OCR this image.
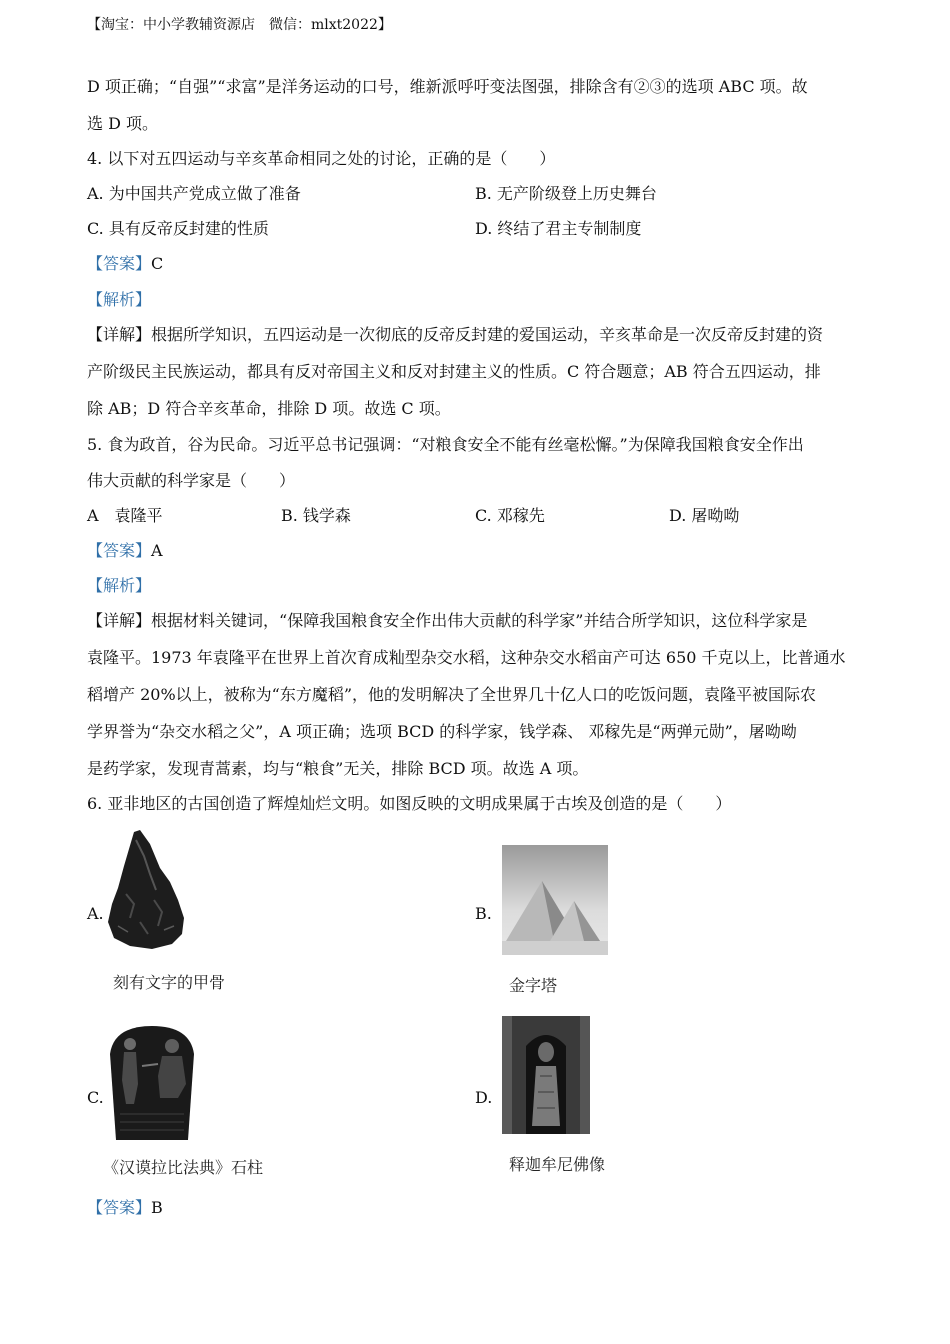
【淘宝：中小学教辅资源店　微信：mlxt2022】
D 项正确；“自强”“求富”是洋务运动的口号，维新派呼吁变法图强，排除含有②③的选项 ABC 项。故
选 D 项。
4. 以下对五四运动与辛亥革命相同之处的讨论，正确的是（　　）
A. 为中国共产党成立做了准备	B. 无产阶级登上历史舞台
C. 具有反帝反封建的性质	D. 终结了君主专制制度
【答案】C
【解析】
【详解】根据所学知识，五四运动是一次彻底的反帝反封建的爱国运动，辛亥革命是一次反帝反封建的资
产阶级民主民族运动，都具有反对帝国主义和反对封建主义的性质。C 符合题意；AB 符合五四运动，排
除 AB；D 符合辛亥革命，排除 D 项。故选 C 项。
5. 食为政首，谷为民命。习近平总书记强调：“对粮食安全不能有丝毫松懈。”为保障我国粮食安全作出
伟大贡献的科学家是（　　）
A　袁隆平	B. 钱学森	C. 邓稼先	D. 屠呦呦
【答案】A
【解析】
【详解】根据材料关键词，“保障我国粮食安全作出伟大贡献的科学家”并结合所学知识，这位科学家是
袁隆平。1973 年袁隆平在世界上首次育成籼型杂交水稻，这种杂交水稻亩产可达 650 千克以上，比普通水
稻增产 20%以上，被称为“东方魔稻”，他的发明解决了全世界几十亿人口的吃饭问题，袁隆平被国际农
学界誉为“杂交水稻之父”，A 项正确；选项 BCD 的科学家，钱学森、 邓稼先是“两弹元勋”，屠呦呦
是药学家，发现青蒿素，均与“粮食”无关，排除 BCD 项。故选 A 项。
6. 亚非地区的古国创造了辉煌灿烂文明。如图反映的文明成果属于古埃及创造的是（　　）
A.
刻有文字的甲骨
B.
金字塔
C.
《汉谟拉比法典》石柱
D.
释迦牟尼佛像
【答案】B
